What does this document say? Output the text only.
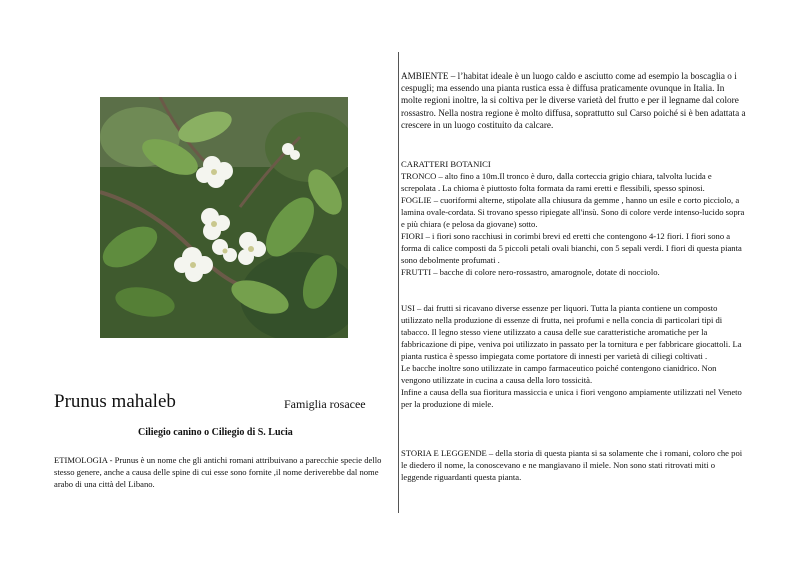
Prunus mahaleb	Famiglia rosacee
Ciliegio canino o Ciliegio di S. Lucia
ETIMOLOGIA - Prunus è un nome che gli antichi romani attribuivano a parecchie specie dello stesso genere, anche a causa delle spine di cui esse sono fornite ,il nome deriverebbe dal nome arabo di una città del Libano.
AMBIENTE – l’habitat ideale è un luogo caldo e asciutto come ad esempio la boscaglia o i cespugli; ma essendo una pianta rustica essa è diffusa praticamente ovunque in Italia. In molte regioni inoltre, la si coltiva per le diverse varietà del frutto e per il legname dal colore rossastro. Nella nostra regione è molto diffusa, soprattutto sul Carso poiché si è ben adattata a crescere in un luogo costituito da calcare.

CARATTERI BOTANICI

TRONCO – alto fino a 10m.Il tronco è duro, dalla corteccia grigio chiara, talvolta lucida e screpolata . La chioma è piuttosto folta formata da rami eretti e flessibili, spesso spinosi.

FOGLIE – cuoriformi alterne, stipolate alla chiusura da gemme , hanno un esile e corto picciolo, a lamina ovale-cordata. Si trovano spesso ripiegate all'insù. Sono di colore verde intenso-lucido sopra e più chiara (e pelosa da giovane) sotto.

FIORI – i fiori sono racchiusi in corimbi brevi ed eretti che contengono 4-12 fiori. I fiori sono a forma di calice composti da 5 piccoli petali ovali bianchi, con 5 sepali verdi. I fiori di questa pianta sono debolmente profumati .

FRUTTI – bacche di colore nero-rossastro, amarognole, dotate di nocciolo.

USI – dai frutti si ricavano diverse essenze per liquori. Tutta la pianta contiene un composto utilizzato nella produzione di essenze di frutta, nei profumi e nella concia di particolari tipi di tabacco. Il legno stesso viene utilizzato a causa delle sue caratteristiche aromatiche per la fabbricazione di pipe, veniva poi utilizzato in passato per la tornitura e per fabbricare giocattoli. La pianta rustica è spesso impiegata come portatore di innesti per varietà di ciliegi coltivati .

Le bacche inoltre sono utilizzate in campo farmaceutico poiché contengono cianidrico. Non vengono utilizzate in cucina a causa della loro tossicità.

Infine a causa della sua fioritura massiccia e unica i fiori vengono ampiamente utilizzati nel Veneto per la produzione di miele.

STORIA E LEGGENDE – della storia di questa pianta si sa solamente che i romani, coloro che poi le diedero il nome, la conoscevano e ne mangiavano il miele. Non sono stati ritrovati miti o leggende riguardanti questa pianta.
